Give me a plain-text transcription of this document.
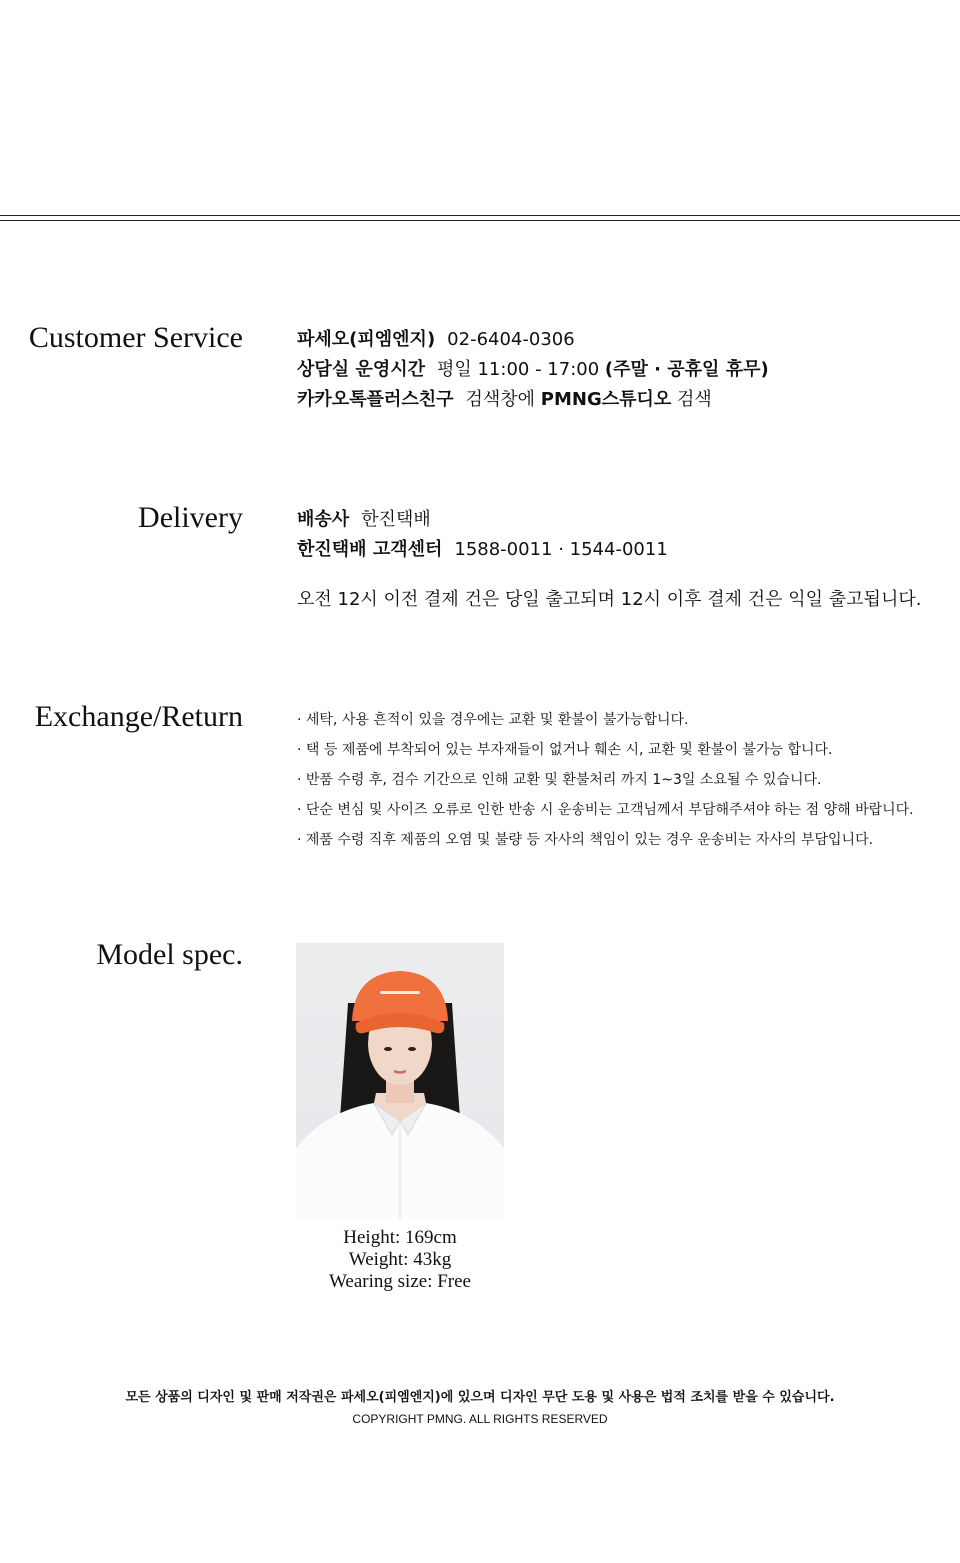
Customer Service	파세오(피엠엔지) 02-6404-0306
상담실 운영시간 평일 11:00 - 17:00 (주말 · 공휴일 휴무)
카카오톡플러스친구 검색창에 PMNG스튜디오 검색
Delivery	배송사 한진택배
한진택배 고객센터 1588-0011 · 1544-0011
오전 12시 이전 결제 건은 당일 출고되며 12시 이후 결제 건은 익일 출고됩니다.
Exchange/Return	· 세탁, 사용 흔적이 있을 경우에는 교환 및 환불이 불가능합니다.
· 택 등 제품에 부착되어 있는 부자재들이 없거나 훼손 시, 교환 및 환불이 불가능 합니다.
· 반품 수령 후, 검수 기간으로 인해 교환 및 환불처리 까지 1~3일 소요될 수 있습니다.
· 단순 변심 및 사이즈 오류로 인한 반송 시 운송비는 고객님께서 부담해주셔야 하는 점 양해 바랍니다.
· 제품 수령 직후 제품의 오염 및 불량 등 자사의 책임이 있는 경우 운송비는 자사의 부담입니다.
Model spec.
Height: 169cm
Weight: 43kg
Wearing size: Free
모든 상품의 디자인 및 판매 저작권은 파세오(피엠엔지)에 있으며 디자인 무단 도용 및 사용은 법적 조치를 받을 수 있습니다.
COPYRIGHT PMNG. ALL RIGHTS RESERVED
